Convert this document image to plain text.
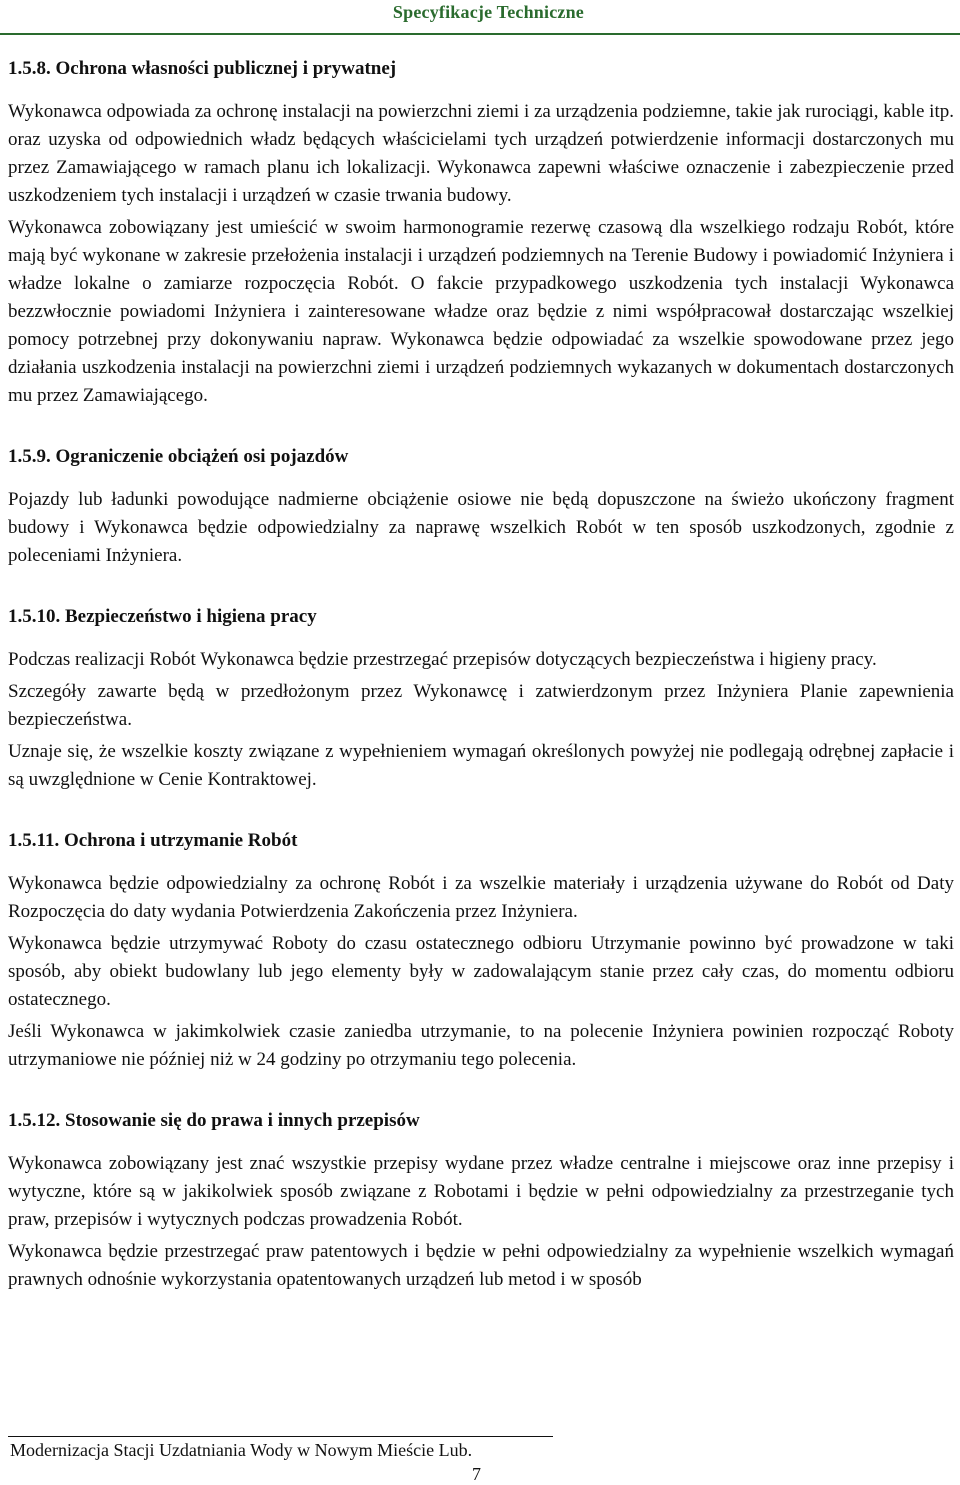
Specyfikacje Techniczne
1.5.8. Ochrona własności publicznej i prywatnej

Wykonawca odpowiada za ochronę instalacji na powierzchni ziemi i za urządzenia podziemne, takie jak rurociągi, kable itp. oraz uzyska od odpowiednich władz będących właścicielami tych urządzeń potwierdzenie informacji dostarczonych mu przez Zamawiającego w ramach planu ich lokalizacji. Wykonawca zapewni właściwe oznaczenie i zabezpieczenie przed uszkodzeniem tych instalacji i urządzeń w czasie trwania budowy.

Wykonawca zobowiązany jest umieścić w swoim harmonogramie rezerwę czasową dla wszelkiego rodzaju Robót, które mają być wykonane w zakresie przełożenia instalacji i urządzeń podziemnych na Terenie Budowy i powiadomić Inżyniera i władze lokalne o zamiarze rozpoczęcia Robót. O fakcie przypadkowego uszkodzenia tych instalacji Wykonawca bezzwłocznie powiadomi Inżyniera i zainteresowane władze oraz będzie z nimi współpracował dostarczając wszelkiej pomocy potrzebnej przy dokonywaniu napraw. Wykonawca będzie odpowiadać za wszelkie spowodowane przez jego działania uszkodzenia instalacji na powierzchni ziemi i urządzeń podziemnych wykazanych w dokumentach dostarczonych mu przez Zamawiającego.

1.5.9. Ograniczenie obciążeń osi pojazdów

Pojazdy lub ładunki powodujące nadmierne obciążenie osiowe nie będą dopuszczone na świeżo ukończony fragment budowy i Wykonawca będzie odpowiedzialny za naprawę wszelkich Robót w ten sposób uszkodzonych, zgodnie z poleceniami Inżyniera.

1.5.10. Bezpieczeństwo i higiena pracy

Podczas realizacji Robót Wykonawca będzie przestrzegać przepisów dotyczących bezpieczeństwa i higieny pracy.

Szczegóły zawarte będą w przedłożonym przez Wykonawcę i zatwierdzonym przez Inżyniera Planie zapewnienia bezpieczeństwa.

Uznaje się, że wszelkie koszty związane z wypełnieniem wymagań określonych powyżej nie podlegają odrębnej zapłacie i są uwzględnione w Cenie Kontraktowej.

1.5.11. Ochrona i utrzymanie Robót

Wykonawca będzie odpowiedzialny za ochronę Robót i za wszelkie materiały i urządzenia używane do Robót od Daty Rozpoczęcia do daty wydania Potwierdzenia Zakończenia przez Inżyniera.

Wykonawca będzie utrzymywać Roboty do czasu ostatecznego odbioru Utrzymanie powinno być prowadzone w taki sposób, aby obiekt budowlany lub jego elementy były w zadowalającym stanie przez cały czas, do momentu odbioru ostatecznego.

Jeśli Wykonawca w jakimkolwiek czasie zaniedba utrzymanie, to na polecenie Inżyniera powinien rozpocząć Roboty utrzymaniowe nie później niż w 24 godziny po otrzymaniu tego polecenia.

1.5.12. Stosowanie się do prawa i innych przepisów

Wykonawca zobowiązany jest znać wszystkie przepisy wydane przez władze centralne i miejscowe oraz inne przepisy i wytyczne, które są w jakikolwiek sposób związane z Robotami i będzie w pełni odpowiedzialny za przestrzeganie tych praw, przepisów i wytycznych podczas prowadzenia Robót.

Wykonawca będzie przestrzegać praw patentowych i będzie w pełni odpowiedzialny za wypełnienie wszelkich wymagań prawnych odnośnie wykorzystania opatentowanych urządzeń lub metod i w sposób

Modernizacja Stacji Uzdatniania Wody w Nowym Mieście Lub.
7
